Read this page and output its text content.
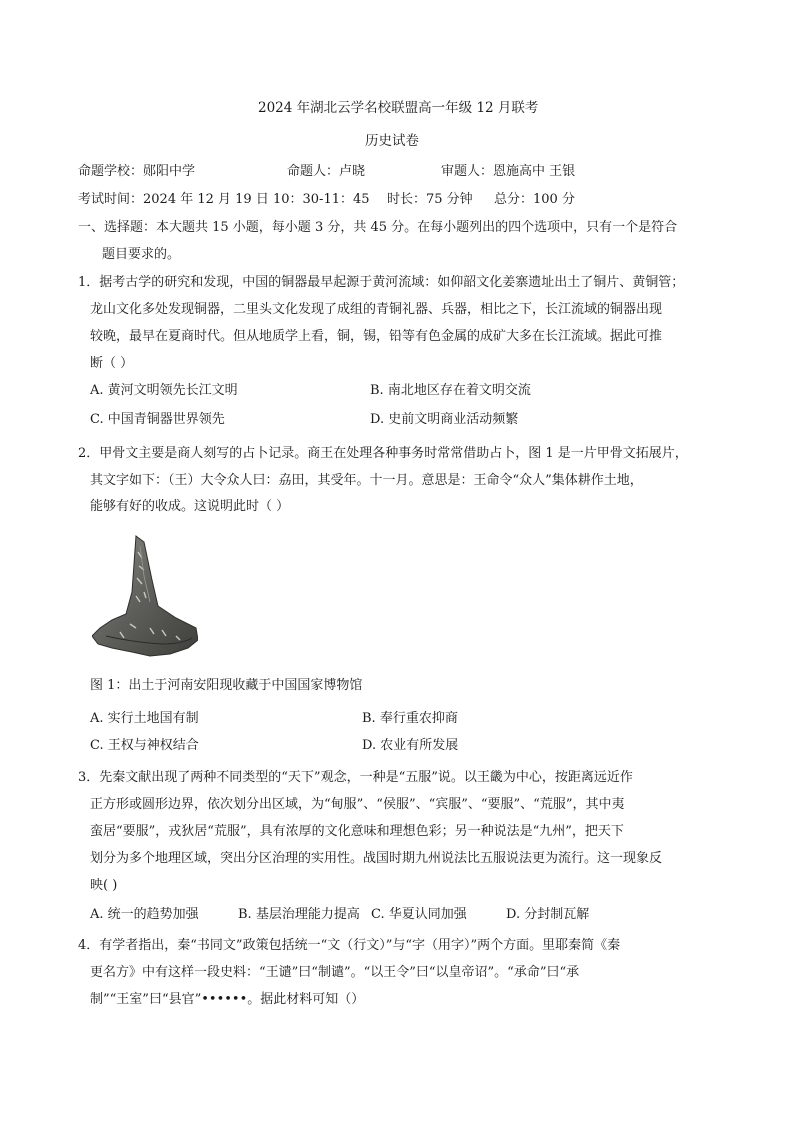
2024 年湖北云学名校联盟高一年级 12 月联考
历史试卷
命题学校：郧阳中学	命题人：卢晓	审题人：恩施高中 王银
考试时间：2024 年 12 月 19 日 10：30-11：45 时长：75 分钟 总分：100 分
一、选择题：本大题共 15 小题，每小题 3 分，共 45 分。在每小题列出的四个选项中，只有一个是符合
题目要求的。
1．据考古学的研究和发现，中国的铜器最早起源于黄河流域：如仰韶文化姜寨遗址出土了铜片、黄铜管；
龙山文化多处发现铜器，二里头文化发现了成组的青铜礼器、兵器，相比之下，长江流域的铜器出现
较晚，最早在夏商时代。但从地质学上看，铜，锡，铅等有色金属的成矿大多在长江流域。据此可推
断（ ）
A. 黄河文明领先长江文明	B. 南北地区存在着文明交流
C. 中国青铜器世界领先	D. 史前文明商业活动频繁
2．甲骨文主要是商人刻写的占卜记录。商王在处理各种事务时常常借助占卜，图 1 是一片甲骨文拓展片，
其文字如下：（王）大令众人曰：劦田，其受年。十一月。意思是：王命令“众人”集体耕作土地，
能够有好的收成。这说明此时（ ）
图 1：出土于河南安阳现收藏于中国国家博物馆
A. 实行土地国有制	B. 奉行重农抑商
C. 王权与神权结合	D. 农业有所发展
3．先秦文献出现了两种不同类型的“天下”观念，一种是“五服”说。以王畿为中心，按距离远近作
正方形或圆形边界，依次划分出区域，为“甸服”、“侯服”、“宾服”、“要服”、“荒服”，其中夷
蛮居“要服”，戎狄居“荒服”，具有浓厚的文化意味和理想色彩；另一种说法是“九州”，把天下
划分为多个地理区域，突出分区治理的实用性。战国时期九州说法比五服说法更为流行。这一现象反
映( )
A. 统一的趋势加强	B. 基层治理能力提高 C. 华夏认同加强	D. 分封制瓦解
4．有学者指出，秦“书同文”政策包括统一“文（行文）”与“字（用字）”两个方面。里耶秦简《秦
更名方》中有这样一段史料：“王谴”曰“制谴”。“以王令”曰“以皇帝诏”。“承命”曰“承
制”“王室”曰“县官”••••••。据此材料可知（）
